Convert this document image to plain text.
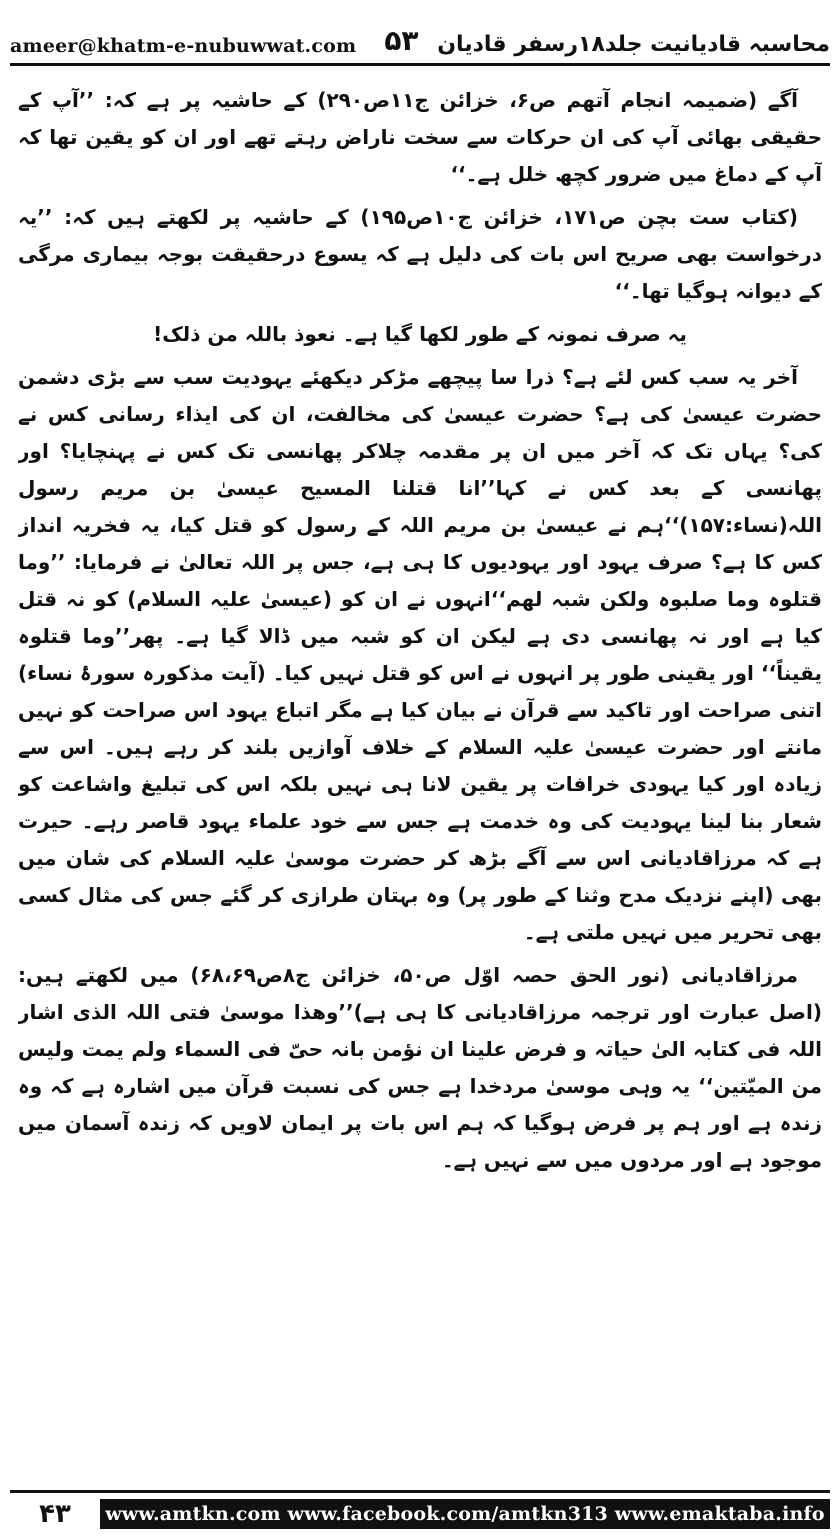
ameer@khatm-e-nubuwwat.com ۵۳ محاسبہ قادیانیت جلد۱۸رسفر قادیان

آگے (ضمیمہ انجام آتھم ص۶، خزائن ج۱۱ص۲۹۰) کے حاشیہ پر ہے کہ: ’’آپ کے حقیقی بھائی آپ کی ان حرکات سے سخت ناراض رہتے تھے اور ان کو یقین تھا کہ آپ کے دماغ میں ضرور کچھ خلل ہے۔‘‘

(کتاب ست بچن ص۱۷۱، خزائن ج۱۰ص۱۹۵) کے حاشیہ پر لکھتے ہیں کہ: ’’یہ درخواست بھی صریح اس بات کی دلیل ہے کہ یسوع درحقیقت بوجہ بیماری مرگی کے دیوانہ ہوگیا تھا۔‘‘

یہ صرف نمونہ کے طور لکھا گیا ہے۔ نعوذ باللہ من ذلک!

آخر یہ سب کس لئے ہے؟ ذرا سا پیچھے مڑکر دیکھئے یہودیت سب سے بڑی دشمن حضرت عیسیٰ کی ہے؟ حضرت عیسیٰ کی مخالفت، ان کی ایذاء رسانی کس نے کی؟ یہاں تک کہ آخر میں ان پر مقدمہ چلاکر پھانسی تک کس نے پہنچایا؟ اور پھانسی کے بعد کس نے کہا’’انا قتلنا المسیح عیسیٰ بن مریم رسول اللہ(نساء:۱۵۷)‘‘ہم نے عیسیٰ بن مریم اللہ کے رسول کو قتل کیا، یہ فخریہ انداز کس کا ہے؟ صرف یہود اور یہودیوں کا ہی ہے، جس پر اللہ تعالیٰ نے فرمایا: ’’وما قتلوہ وما صلبوہ ولکن شبہ لھم‘‘انہوں نے ان کو (عیسیٰ علیہ السلام) کو نہ قتل کیا ہے اور نہ پھانسی دی ہے لیکن ان کو شبہ میں ڈالا گیا ہے۔ پھر’’وما قتلوہ یقیناً‘‘ اور یقینی طور پر انہوں نے اس کو قتل نہیں کیا۔ (آیت مذکورہ سورۂ نساء) اتنی صراحت اور تاکید سے قرآن نے بیان کیا ہے مگر اتباع یہود اس صراحت کو نہیں مانتے اور حضرت عیسیٰ علیہ السلام کے خلاف آوازیں بلند کر رہے ہیں۔ اس سے زیادہ اور کیا یہودی خرافات پر یقین لانا ہی نہیں بلکہ اس کی تبلیغ واشاعت کو شعار بنا لینا یہودیت کی وہ خدمت ہے جس سے خود علماء یہود قاصر رہے۔ حیرت ہے کہ مرزاقادیانی اس سے آگے بڑھ کر حضرت موسیٰ علیہ السلام کی شان میں بھی (اپنے نزدیک مدح وثنا کے طور پر) وہ بہتان طرازی کر گئے جس کی مثال کسی بھی تحریر میں نہیں ملتی ہے۔

مرزاقادیانی (نور الحق حصہ اوّل ص۵۰، خزائن ج۸ص۶۸،۶۹) میں لکھتے ہیں: (اصل عبارت اور ترجمہ مرزاقادیانی کا ہی ہے)’’وھذا موسیٰ فتی اللہ الذی اشار اللہ فی کتابہ الیٰ حیاتہ و فرض علینا ان نؤمن بانہ حیّ فی السماء ولم یمت ولیس من المیّتین‘‘ یہ وہی موسیٰ مردخدا ہے جس کی نسبت قرآن میں اشارہ ہے کہ وہ زندہ ہے اور ہم پر فرض ہوگیا کہ ہم اس بات پر ایمان لاویں کہ زندہ آسمان میں موجود ہے اور مردوں میں سے نہیں ہے۔

۴۳	www.amtkn.com www.facebook.com/amtkn313 www.emaktaba.info
